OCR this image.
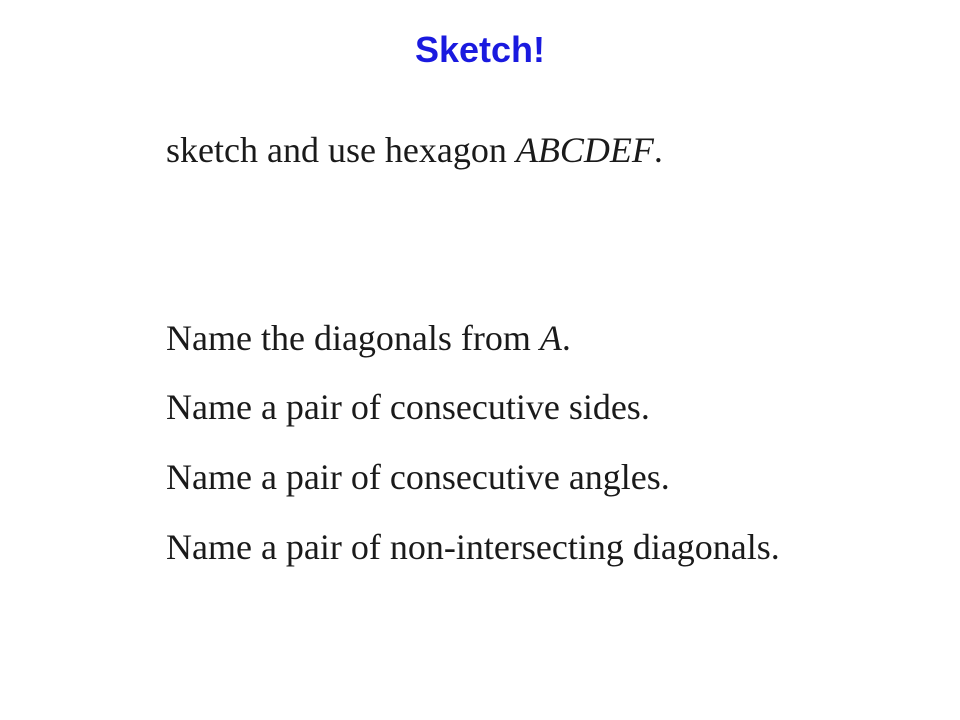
Sketch!

sketch and use hexagon ABCDEF.

Name the diagonals from A.

Name a pair of consecutive sides.

Name a pair of consecutive angles.

Name a pair of non-intersecting diagonals.
